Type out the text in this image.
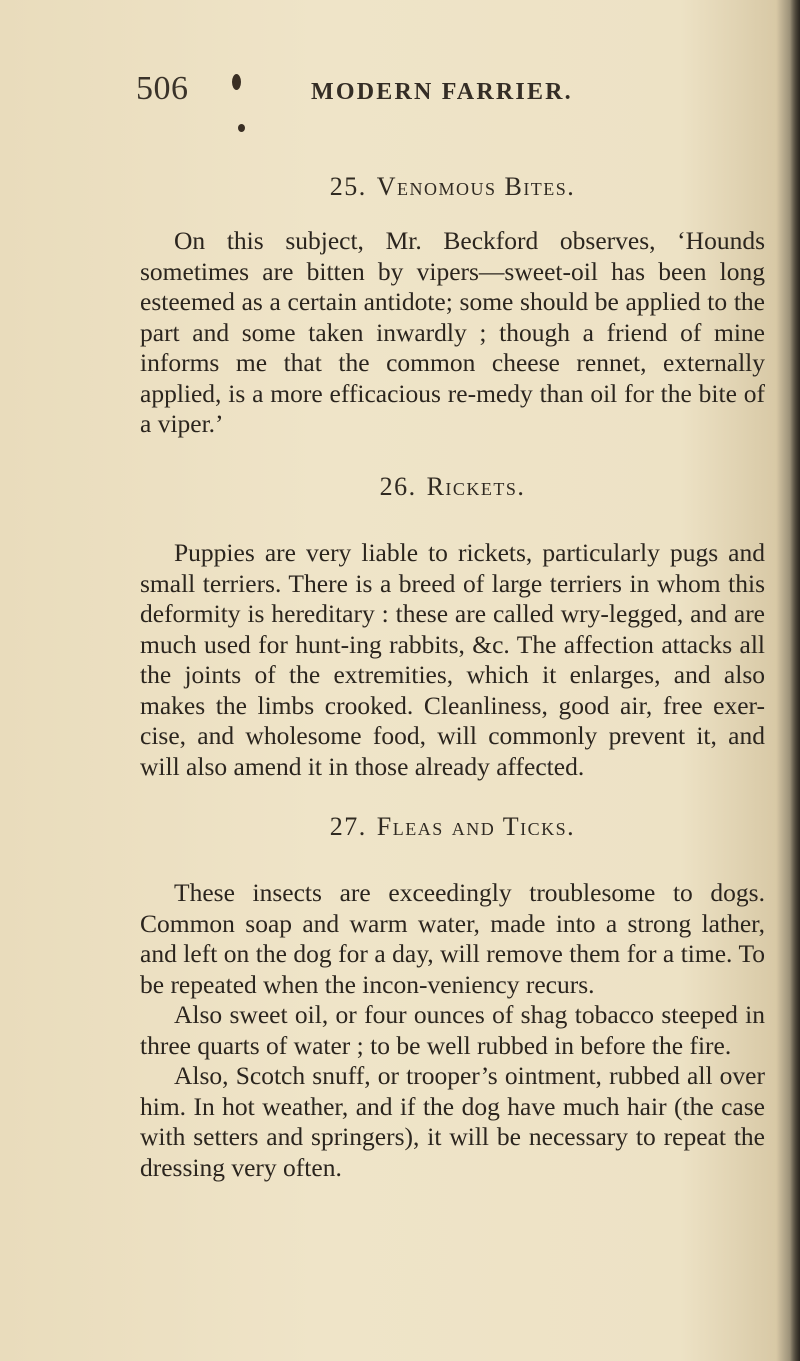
506	MODERN FARRIER.
25. Venomous Bites.

On this subject, Mr. Beckford observes, ‘Hounds sometimes are bitten by vipers—sweet-oil has been long esteemed as a certain antidote; some should be applied to the part and some taken inwardly ; though a friend of mine informs me that the common cheese rennet, externally applied, is a more efficacious re-medy than oil for the bite of a viper.’

26. Rickets.

Puppies are very liable to rickets, particularly pugs and small terriers. There is a breed of large terriers in whom this deformity is hereditary : these are called wry-legged, and are much used for hunt-ing rabbits, &c. The affection attacks all the joints of the extremities, which it enlarges, and also makes the limbs crooked. Cleanliness, good air, free exer-cise, and wholesome food, will commonly prevent it, and will also amend it in those already affected.

27. Fleas and Ticks.

These insects are exceedingly troublesome to dogs. Common soap and warm water, made into a strong lather, and left on the dog for a day, will remove them for a time. To be repeated when the incon-veniency recurs.

Also sweet oil, or four ounces of shag tobacco steeped in three quarts of water ; to be well rubbed in before the fire.

Also, Scotch snuff, or trooper’s ointment, rubbed all over him. In hot weather, and if the dog have much hair (the case with setters and springers), it will be necessary to repeat the dressing very often.
